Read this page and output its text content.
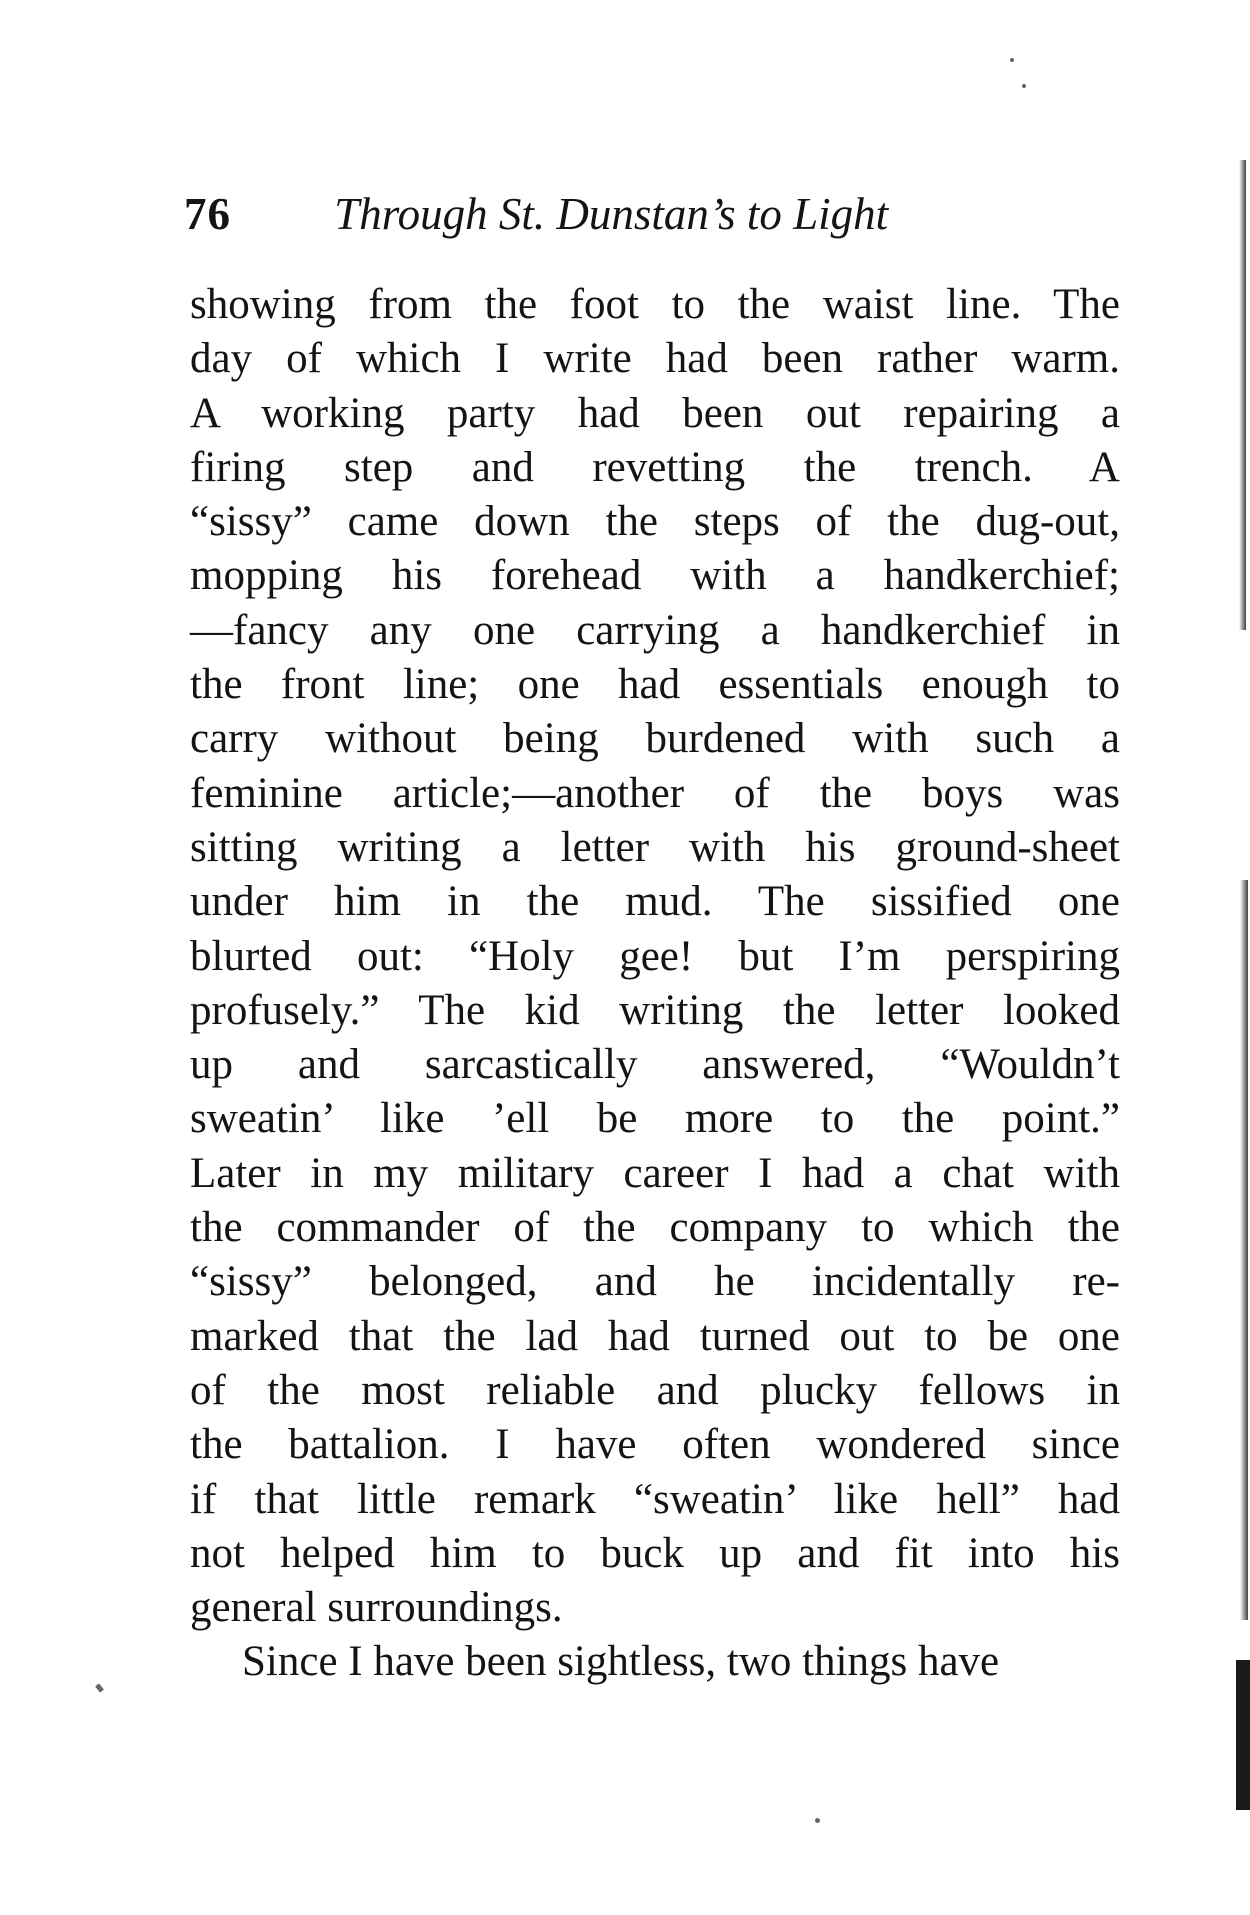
76 Through St. Dunstan’s to Light
showing from the foot to the waist line. The
day of which I write had been rather warm.
A working party had been out repairing a
firing step and revetting the trench. A
“sissy” came down the steps of the dug-out,
mopping his forehead with a handkerchief;
—fancy any one carrying a handkerchief in
the front line; one had essentials enough to
carry without being burdened with such a
feminine article;—another of the boys was
sitting writing a letter with his ground-sheet
under him in the mud. The sissified one
blurted out: “Holy gee! but I’m perspiring
profusely.” The kid writing the letter looked
up and sarcastically answered, “Wouldn’t
sweatin’ like ’ell be more to the point.”
Later in my military career I had a chat with
the commander of the company to which the
“sissy” belonged, and he incidentally re-
marked that the lad had turned out to be one
of the most reliable and plucky fellows in
the battalion. I have often wondered since
if that little remark “sweatin’ like hell” had
not helped him to buck up and fit into his
general surroundings.
Since I have been sightless, two things have
